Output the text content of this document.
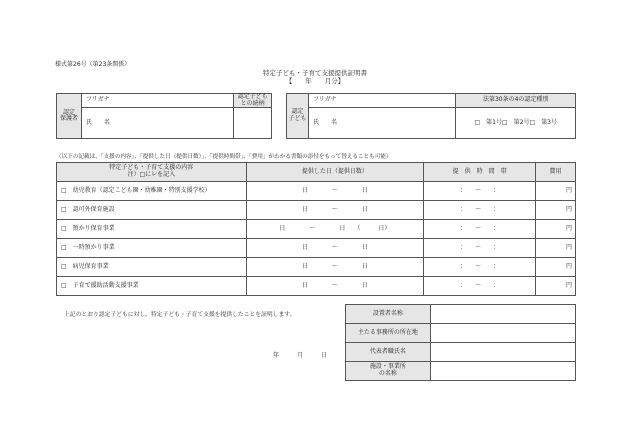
様式第26号（第23条関係）
特定子ども・子育て支援提供証明書
【　　年　　月分】
認定
保護者	フリガナ	認定子ども
との続柄
	氏　　名	
認定
子ども	フリガナ	法第30条の4の認定種別
	氏　　名	□　第1号□　第2号□　第3号
（以下の記載は、「支援の内容」、「提供した日（提供日数）」、「提供時間帯」、「費用」がわかる書類の添付をもって替えることも可能）
特定子ども・子育て支援の内容
注）□にレを記入	提供した日（提供日数）	提　供　時　間　帯	費用
□　幼児教育（認定こども園・幼稚園・特別支援学校）	日　　　　～　　　　日	：　　～　　：	円
□　認可外保育施設	日　　　　～　　　　日	：　　～　　：	円
□　預かり保育事業	日　　　　～　　　　日　　（　　　日）	：　　～　　：	円
□　一時預かり事業	日　　　　～　　　　日	：　　～　　：	円
□　病児保育事業	日　　　　～　　　　日	：　　～　　：	円
□　子育て援助活動支援事業	日　　　　～　　　　日	：　　～　　：	円
上記のとおり認定子どもに対し、特定子ども・子育て支援を提供したことを証明します。
年　　　月　　　日
設置者名称	
主たる事務所の所在地	
代表者職氏名	
施設・事業所
の名称	
